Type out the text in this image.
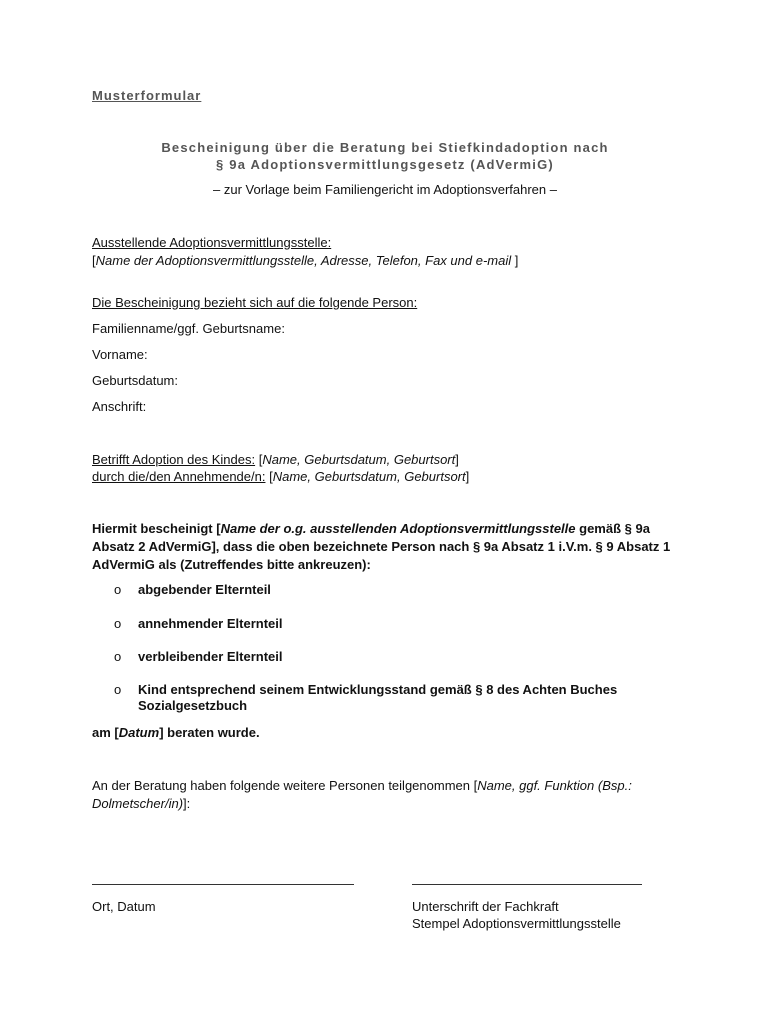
Musterformular
Bescheinigung über die Beratung bei Stiefkindadoption nach
§ 9a Adoptionsvermittlungsgesetz (AdVermiG)
– zur Vorlage beim Familiengericht im Adoptionsverfahren –
Ausstellende Adoptionsvermittlungsstelle:
[Name der Adoptionsvermittlungsstelle, Adresse, Telefon, Fax und e-mail ]
Die Bescheinigung bezieht sich auf die folgende Person:
Familienname/ggf. Geburtsname:
Vorname:
Geburtsdatum:
Anschrift:
Betrifft Adoption des Kindes: [Name, Geburtsdatum, Geburtsort]
durch die/den Annehmende/n: [Name, Geburtsdatum, Geburtsort]
Hiermit bescheinigt [Name der o.g. ausstellenden Adoptionsvermittlungsstelle gemäß § 9a Absatz 2 AdVermiG], dass die oben bezeichnete Person nach § 9a Absatz 1 i.V.m. § 9 Absatz 1 AdVermiG als (Zutreffendes bitte ankreuzen):
o	abgebender Elternteil
o	annehmender Elternteil
o	verbleibender Elternteil
o	Kind entsprechend seinem Entwicklungsstand gemäß § 8 des Achten Buches Sozialgesetzbuch
am [Datum] beraten wurde.
An der Beratung haben folgende weitere Personen teilgenommen [Name, ggf. Funktion (Bsp.: Dolmetscher/in)]:
Ort, Datum	Unterschrift der Fachkraft
Stempel Adoptionsvermittlungsstelle
